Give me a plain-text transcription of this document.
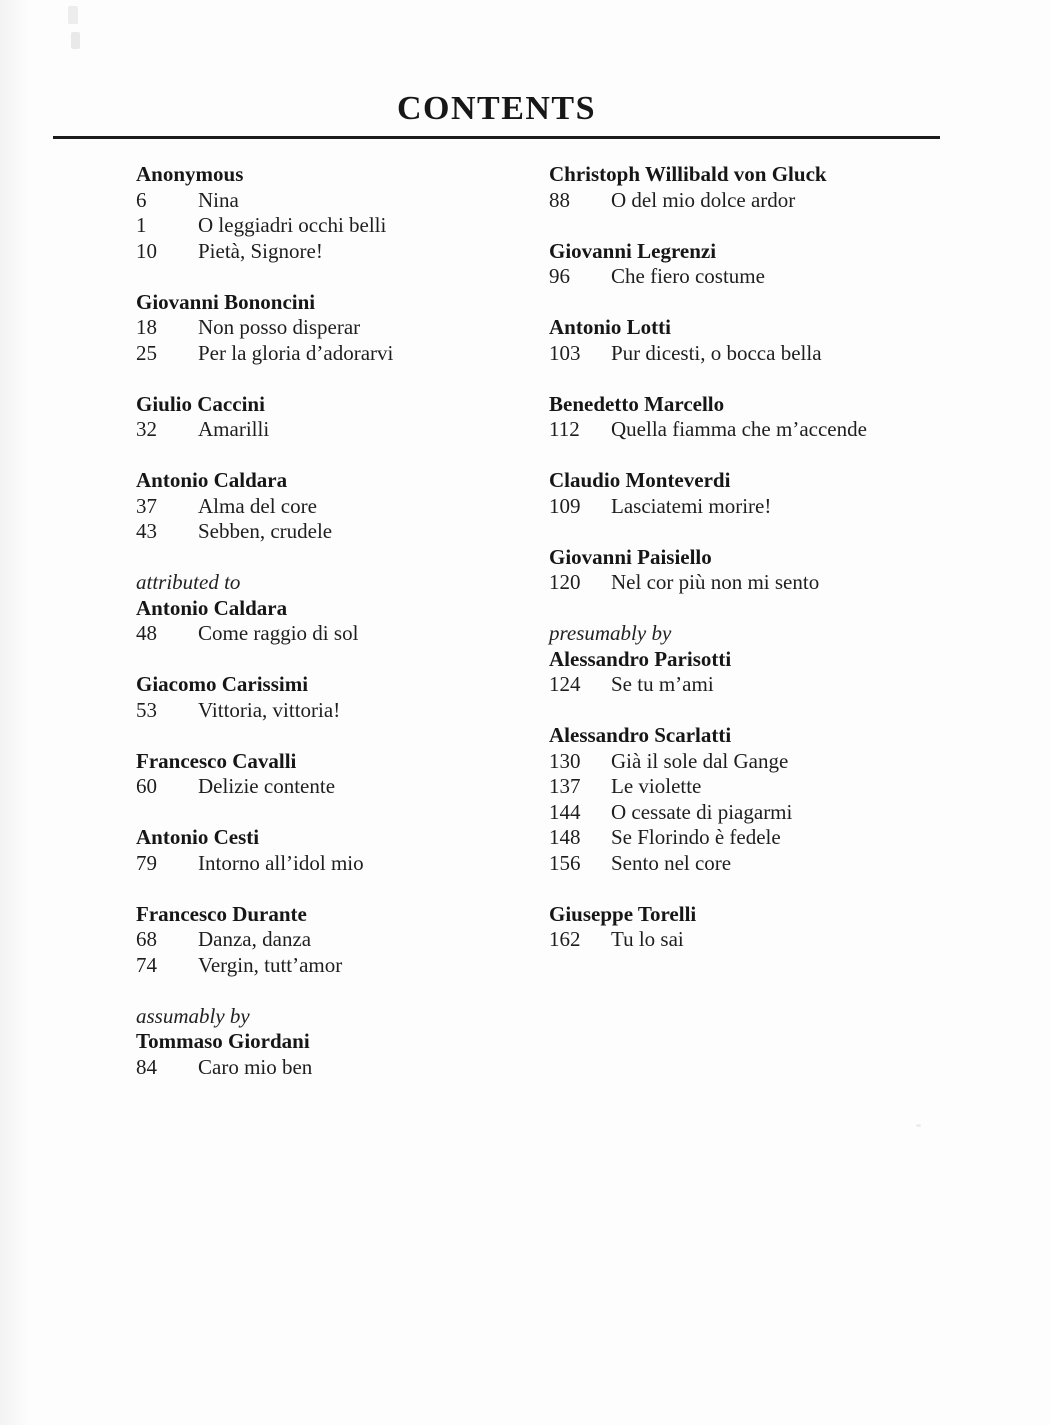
CONTENTS
Anonymous
6	Nina
1	O leggiadri occhi belli
10	Pietà, Signore!
Giovanni Bononcini
18	Non posso disperar
25	Per la gloria d’adorarvi
Giulio Caccini
32	Amarilli
Antonio Caldara
37	Alma del core
43	Sebben, crudele
attributed to
Antonio Caldara
48	Come raggio di sol
Giacomo Carissimi
53	Vittoria, vittoria!
Francesco Cavalli
60	Delizie contente
Antonio Cesti
79	Intorno all’idol mio
Francesco Durante
68	Danza, danza
74	Vergin, tutt’amor
assumably by
Tommaso Giordani
84	Caro mio ben
Christoph Willibald von Gluck
88	O del mio dolce ardor
Giovanni Legrenzi
96	Che fiero costume
Antonio Lotti
103	Pur dicesti, o bocca bella
Benedetto Marcello
112	Quella fiamma che m’accende
Claudio Monteverdi
109	Lasciatemi morire!
Giovanni Paisiello
120	Nel cor più non mi sento
presumably by
Alessandro Parisotti
124	Se tu m’ami
Alessandro Scarlatti
130	Già il sole dal Gange
137	Le violette
144	O cessate di piagarmi
148	Se Florindo è fedele
156	Sento nel core
Giuseppe Torelli
162	Tu lo sai
